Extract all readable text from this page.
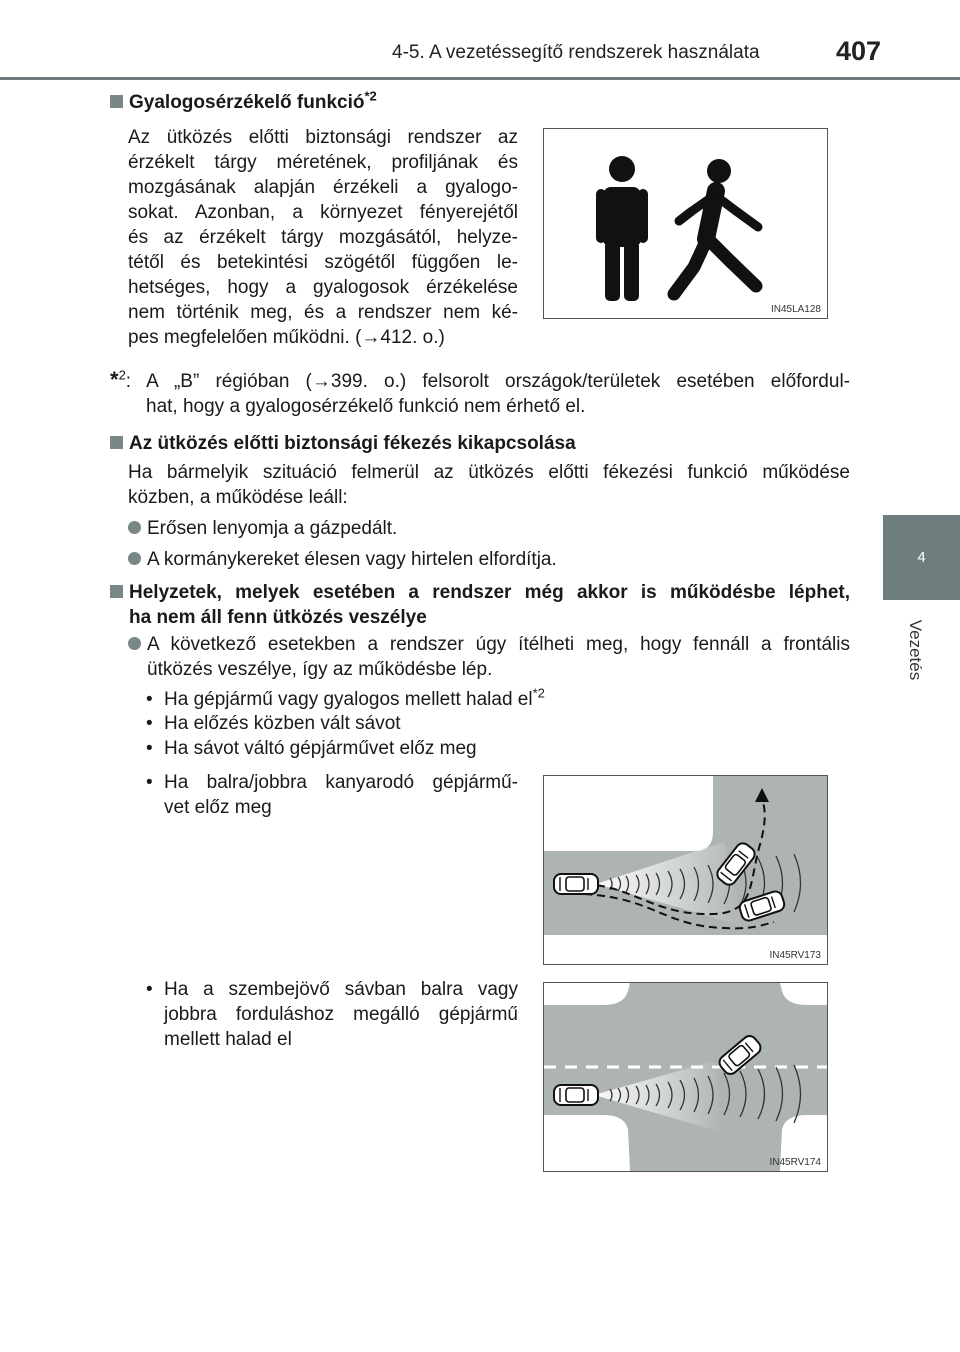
4-5. A vezetéssegítő rendszerek használata	407
4
Vezetés
Gyalogosérzékelő funkció$^{*2}$
Az ütközés előtti biztonsági rendszer az
érzékelt tárgy méretének, profiljának és
mozgásának alapján érzékeli a gyalogo-
sokat. Azonban, a környezet fényerejétől
és az érzékelt tárgy mozgásától, helyze-
tétől és betekintési szögétől függően le-
hetséges, hogy a gyalogosok érzékelése
nem történik meg, és a rendszer nem ké-
pes megfelelően működni. (→412. o.)
IN45LA128
*$^2$: A „B” régióban (→399. o.) felsorolt országok/területek esetében előfordul-
hat, hogy a gyalogosérzékelő funkció nem érhető el.
Az ütközés előtti biztonsági fékezés kikapcsolása
Ha bármelyik szituáció felmerül az ütközés előtti fékezési funkció működése
közben, a működése leáll:
Erősen lenyomja a gázpedált.
A kormánykereket élesen vagy hirtelen elfordítja.
Helyzetek, melyek esetében a rendszer még akkor is működésbe léphet,
ha nem áll fenn ütközés veszélye
A következő esetekben a rendszer úgy ítélheti meg, hogy fennáll a frontális
ütközés veszélye, így az működésbe lép.
• Ha gépjármű vagy gyalogos mellett halad $el^{*2}$
• Ha előzés közben vált sávot
• Ha sávot váltó gépjárművet előz meg
• Ha balra/jobbra kanyarodó gépjármű-
vet előz meg
IN45RV173
• Ha a szembejövő sávban balra vagy
jobbra forduláshoz megálló gépjármű
mellett halad el
IN45RV174
